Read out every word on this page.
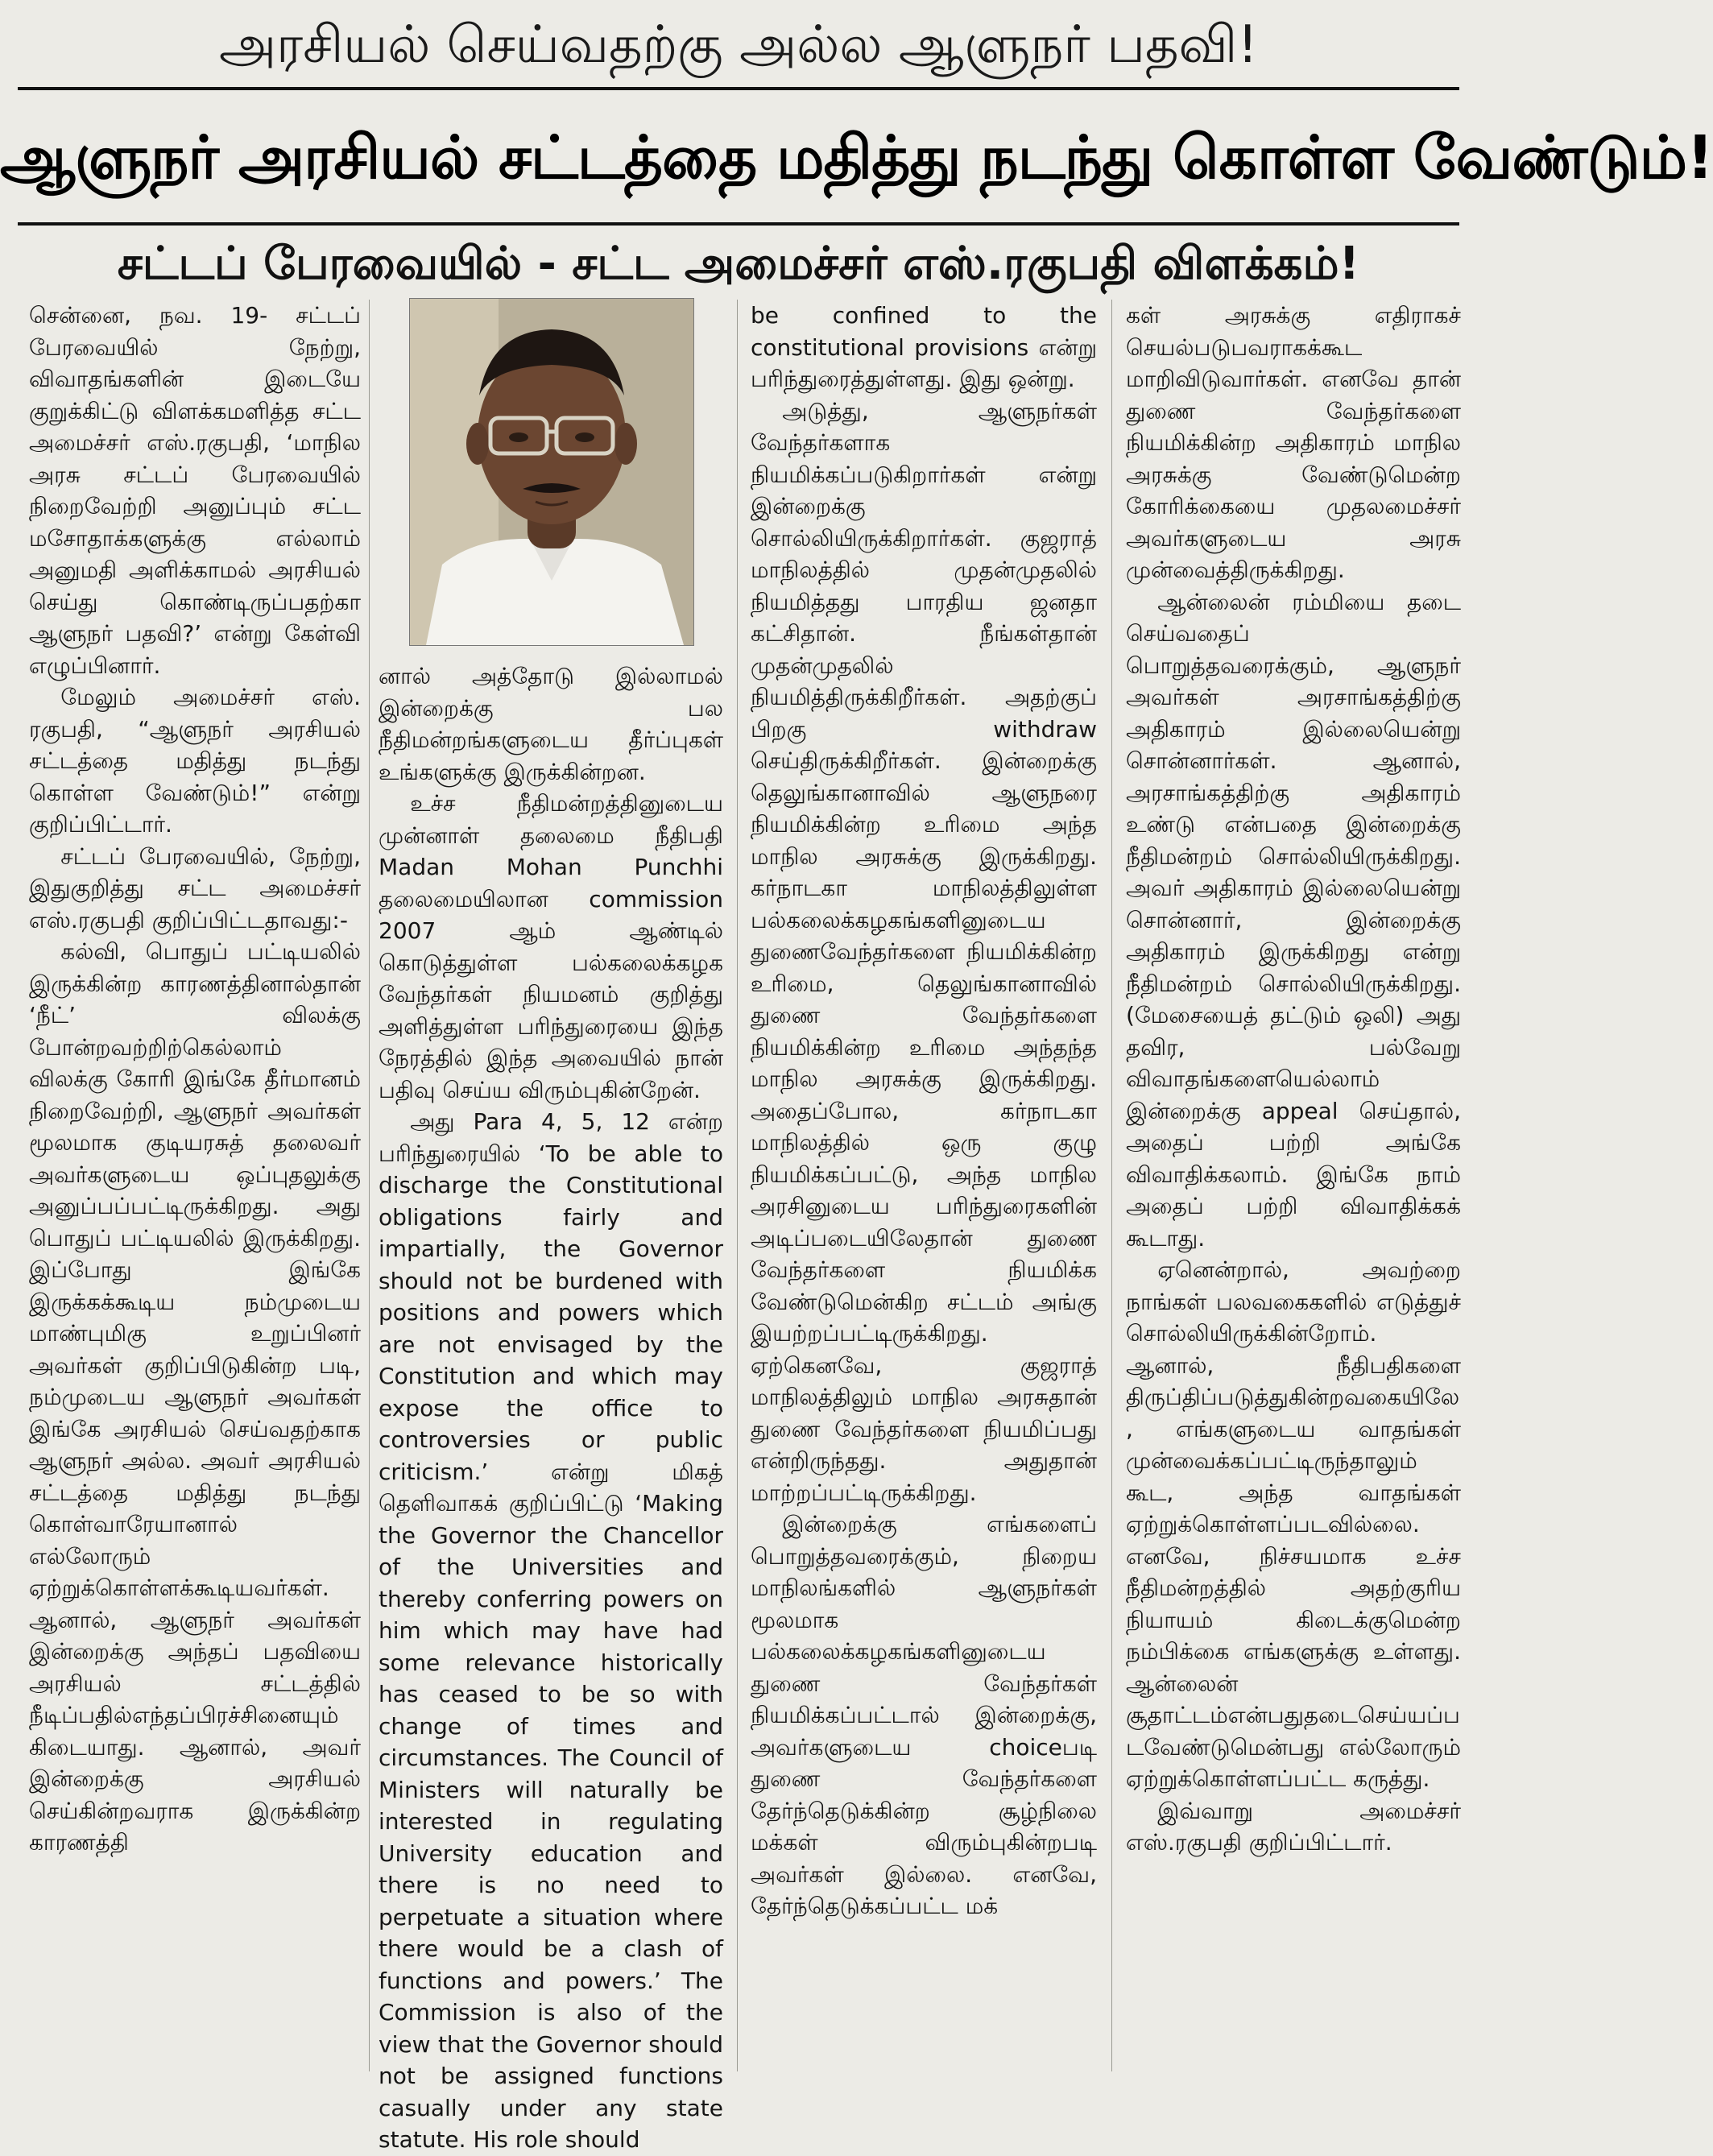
அரசியல் செய்வதற்கு அல்ல ஆளுநர் பதவி!
ஆளுநர் அரசியல் சட்டத்தை மதித்து நடந்து கொள்ள வேண்டும்!
சட்டப் பேரவையில் - சட்ட அமைச்சர் எஸ்.ரகுபதி விளக்கம்!

சென்னை, நவ. 19- சட்டப் பேரவையில் நேற்று, விவாதங்களின் இடையே குறுக்கிட்டு விளக்கமளித்த சட்ட அமைச்சர் எஸ்.ரகுபதி, ‘மாநில அரசு சட்டப் பேரவையில் நிறைவேற்றி அனுப்பும் சட்ட மசோதாக்களுக்கு எல்லாம் அனுமதி அளிக்காமல் அரசியல் செய்து கொண்டிருப்பதற்கா ஆளுநர் பதவி?’ என்று கேள்வி எழுப்பினார்.

மேலும் அமைச்சர் எஸ். ரகுபதி, “ஆளுநர் அரசியல் சட்டத்தை மதித்து நடந்து கொள்ள வேண்டும்!” என்று குறிப்பிட்டார்.

சட்டப் பேரவையில், நேற்று, இதுகுறித்து சட்ட அமைச்சர் எஸ்.ரகுபதி குறிப்பிட்டதாவது:-

கல்வி, பொதுப் பட்டியலில் இருக்கின்ற காரணத்தினால்தான் ‘நீட்’ விலக்கு போன்றவற்றிற்கெல்லாம் விலக்கு கோரி இங்கே தீர்மானம் நிறைவேற்றி, ஆளுநர் அவர்கள் மூலமாக குடியரசுத் தலைவர் அவர்களுடைய ஒப்புதலுக்கு அனுப்பப்பட்டிருக்கிறது. அது பொதுப் பட்டியலில் இருக்கிறது. இப்போது இங்கே இருக்கக்கூடிய நம்முடைய மாண்புமிகு உறுப்பினர் அவர்கள் குறிப்பிடுகின்ற படி, நம்முடைய ஆளுநர் அவர்கள் இங்கே அரசியல் செய்வதற்காக ஆளுநர் அல்ல. அவர் அரசியல் சட்டத்தை மதித்து நடந்து கொள்வாரேயானால் எல்லோரும் ஏற்றுக்கொள்ளக்கூடியவர்கள். ஆனால், ஆளுநர் அவர்கள் இன்றைக்கு அந்தப் பதவியை அரசியல் சட்டத்தில் நீடிப்பதில்எந்தப்பிரச்சினையும் கிடையாது. ஆனால், அவர் இன்றைக்கு அரசியல் செய்கின்றவராக இருக்கின்ற காரணத்தி

னால் அத்தோடு இல்லாமல் இன்றைக்கு பல நீதிமன்றங்களுடைய தீர்ப்புகள் உங்களுக்கு இருக்கின்றன.

உச்ச நீதிமன்றத்தினுடைய முன்னாள் தலைமை நீதிபதி Madan Mohan Punchhi தலைமையிலான commission 2007 ஆம் ஆண்டில் கொடுத்துள்ள பல்கலைக்கழக வேந்தர்கள் நியமனம் குறித்து அளித்துள்ள பரிந்துரையை இந்த நேரத்தில் இந்த அவையில் நான் பதிவு செய்ய விரும்புகின்றேன்.

அது Para 4, 5, 12 என்ற பரிந்துரையில் ‘To be able to discharge the Constitutional obligations fairly and impartially, the Governor should not be burdened with positions and powers which are not envisaged by the Constitution and which may expose the office to controversies or public criticism.’ என்று மிகத் தெளிவாகக் குறிப்பிட்டு ‘Making the Governor the Chancellor of the Universities and thereby conferring powers on him which may have had some relevance historically has ceased to be so with change of times and circumstances. The Council of Ministers will naturally be interested in regulating University education and there is no need to perpetuate a situation where there would be a clash of functions and powers.’ The Commission is also of the view that the Governor should not be assigned functions casually under any state statute. His role should

be confined to the constitutional provisions என்று பரிந்துரைத்துள்ளது. இது ஒன்று.

அடுத்து, ஆளுநர்கள் வேந்தர்களாக நியமிக்கப்படுகிறார்கள் என்று இன்றைக்கு சொல்லியிருக்கிறார்கள். குஜராத் மாநிலத்தில் முதன்முதலில் நியமித்தது பாரதிய ஜனதா கட்சிதான். நீங்கள்தான் முதன்முதலில் நியமித்திருக்கிறீர்கள். அதற்குப் பிறகு withdraw செய்திருக்கிறீர்கள். இன்றைக்கு தெலுங்கானாவில் ஆளுநரை நியமிக்கின்ற உரிமை அந்த மாநில அரசுக்கு இருக்கிறது. கர்நாடகா மாநிலத்திலுள்ள பல்கலைக்கழகங்களினுடைய துணைவேந்தர்களை நியமிக்கின்ற உரிமை, தெலுங்கானாவில் துணை வேந்தர்களை நியமிக்கின்ற உரிமை அந்தந்த மாநில அரசுக்கு இருக்கிறது. அதைப்போல, கர்நாடகா மாநிலத்தில் ஒரு குழு நியமிக்கப்பட்டு, அந்த மாநில அரசினுடைய பரிந்துரைகளின் அடிப்படையிலேதான் துணை வேந்தர்களை நியமிக்க வேண்டுமென்கிற சட்டம் அங்கு இயற்றப்பட்டிருக்கிறது. ஏற்கெனவே, குஜராத் மாநிலத்திலும் மாநில அரசுதான் துணை வேந்தர்களை நியமிப்பது என்றிருந்தது. அதுதான் மாற்றப்பட்டிருக்கிறது.

இன்றைக்கு எங்களைப் பொறுத்தவரைக்கும், நிறைய மாநிலங்களில் ஆளுநர்கள் மூலமாக பல்கலைக்கழகங்களினுடைய துணை வேந்தர்கள் நியமிக்கப்பட்டால் இன்றைக்கு, அவர்களுடைய choiceபடி துணை வேந்தர்களை தேர்ந்தெடுக்கின்ற சூழ்நிலை மக்கள் விரும்புகின்றபடி அவர்கள் இல்லை. எனவே, தேர்ந்தெடுக்கப்பட்ட மக்

கள் அரசுக்கு எதிராகச் செயல்படுபவராகக்கூட மாறிவிடுவார்கள். எனவே தான் துணை வேந்தர்களை நியமிக்கின்ற அதிகாரம் மாநில அரசுக்கு வேண்டுமென்ற கோரிக்கையை முதலமைச்சர் அவர்களுடைய அரசு முன்வைத்திருக்கிறது.

ஆன்லைன் ரம்மியை தடை செய்வதைப் பொறுத்தவரைக்கும், ஆளுநர் அவர்கள் அரசாங்கத்திற்கு அதிகாரம் இல்லையென்று சொன்னார்கள். ஆனால், அரசாங்கத்திற்கு அதிகாரம் உண்டு என்பதை இன்றைக்கு நீதிமன்றம் சொல்லியிருக்கிறது. அவர் அதிகாரம் இல்லையென்று சொன்னார், இன்றைக்கு அதிகாரம் இருக்கிறது என்று நீதிமன்றம் சொல்லியிருக்கிறது. (மேசையைத் தட்டும் ஒலி) அது தவிர, பல்வேறு விவாதங்களையெல்லாம் இன்றைக்கு appeal செய்தால், அதைப் பற்றி அங்கே விவாதிக்கலாம். இங்கே நாம் அதைப் பற்றி விவாதிக்கக் கூடாது.

ஏனென்றால், அவற்றை நாங்கள் பலவகைகளில் எடுத்துச் சொல்லியிருக்கின்றோம். ஆனால், நீதிபதிகளை திருப்திப்படுத்துகின்றவகையிலே, எங்களுடைய வாதங்கள் முன்வைக்கப்பட்டிருந்தாலும் கூட, அந்த வாதங்கள் ஏற்றுக்கொள்ளப்படவில்லை. எனவே, நிச்சயமாக உச்ச நீதிமன்றத்தில் அதற்குரிய நியாயம் கிடைக்குமென்ற நம்பிக்கை எங்களுக்கு உள்ளது. ஆன்லைன் சூதாட்டம்என்பதுதடைசெய்யப்படவேண்டுமென்பது எல்லோரும் ஏற்றுக்கொள்ளப்பட்ட கருத்து.

இவ்வாறு அமைச்சர் எஸ்.ரகுபதி குறிப்பிட்டார்.
